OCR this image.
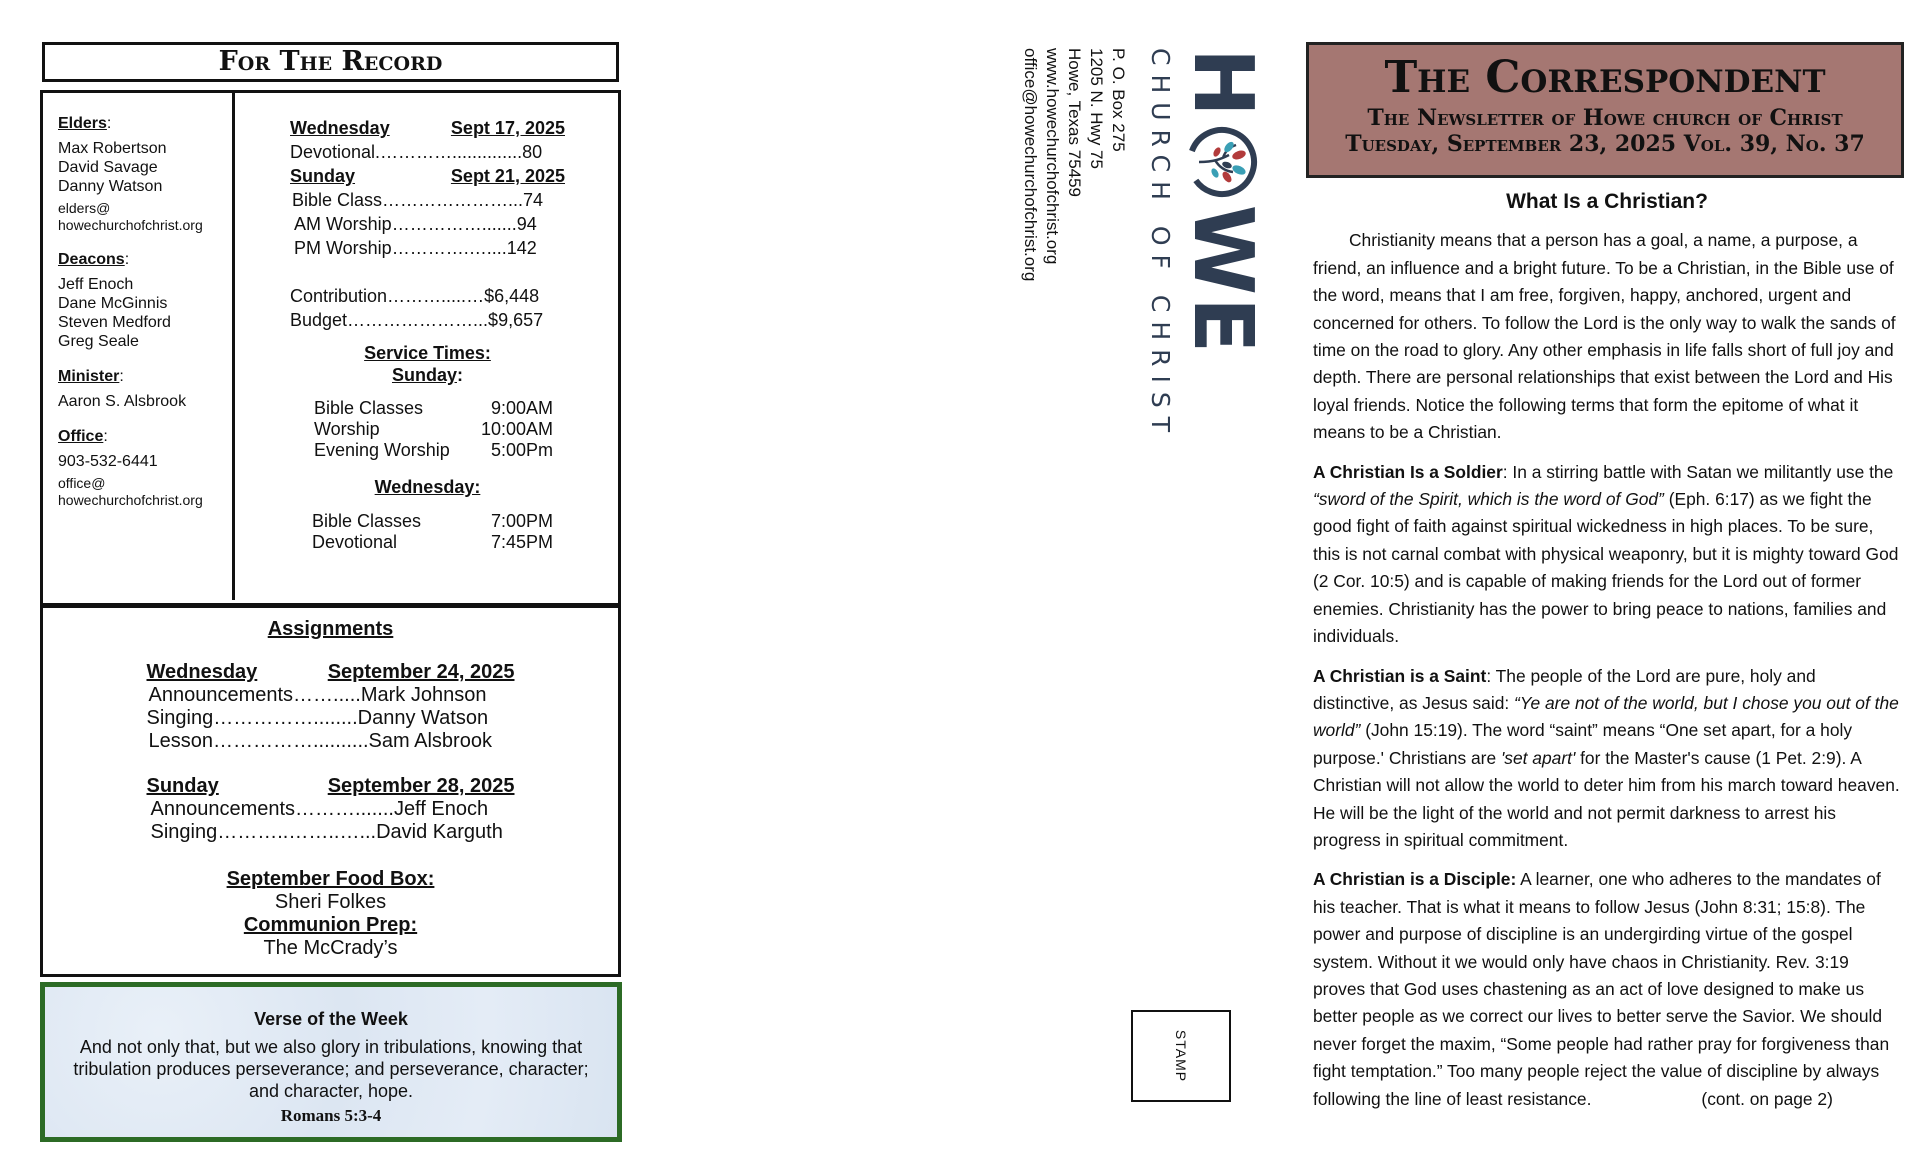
For The Record
Elders:
Max Robertson
David Savage
Danny Watson
elders@
howechurchofchrist.org
Deacons:
Jeff Enoch
Dane McGinnis
Steven Medford
Greg Seale
Minister:
Aaron S. Alsbrook
Office:
903-532-6441
office@
howechurchofchrist.org
Wednesday	Sept 17, 2025
Devotional.…………..............80
Sunday	Sept 21, 2025
Bible Class…………………...74
AM Worship…………….......94
PM Worship………….…....142
Contribution……….....…$6,448
Budget…………………...$9,657
Service Times:
Sunday:
Bible Classes	9:00AM
Worship	10:00AM
Evening Worship 5:00Pm
Wednesday:
Bible Classes	7:00PM
Devotional	7:45PM
Assignments
Wednesday	September 24, 2025
Announcements…….....Mark Johnson
Singing……………........Danny Watson
Lesson……………..........Sam Alsbrook
Sunday	September 28, 2025
Announcements……….......Jeff Enoch
Singing………..……..…...David Karguth
September Food Box:
Sheri Folkes
Communion Prep:
The McCrady’s
Verse of the Week
And not only that, but we also glory in tribulations, knowing that tribulation produces perseverance; and perseverance, character; and character, hope.
Romans 5:3-4
H
WE
CHURCH OF CHRIST
P. O. Box 275
1205 N. Hwy 75
Howe, Texas 75459
www.howechurchofchrist.org
office@howechurchofchrist.org
STAMP
The Correspondent
The Newsletter of Howe church of Christ
Tuesday, September 23, 2025 Vol. 39, No. 37
What Is a Christian?

Christianity means that a person has a goal, a name, a purpose, a friend, an influence and a bright future. To be a Christian, in the Bible use of the word, means that I am free, forgiven, happy, anchored, urgent and concerned for others. To follow the Lord is the only way to walk the sands of time on the road to glory. Any other emphasis in life falls short of full joy and depth. There are personal relationships that exist between the Lord and His loyal friends. Notice the following terms that form the epitome of what it means to be a Christian.

A Christian Is a Soldier: In a stirring battle with Satan we militantly use the “sword of the Spirit, which is the word of God” (Eph. 6:17) as we fight the good fight of faith against spiritual wickedness in high places. To be sure, this is not carnal combat with physical weaponry, but it is mighty toward God (2 Cor. 10:5) and is capable of making friends for the Lord out of former enemies. Christianity has the power to bring peace to nations, families and individuals.

A Christian is a Saint: The people of the Lord are pure, holy and distinctive, as Jesus said: “Ye are not of the world, but I chose you out of the world” (John 15:19). The word “saint” means “One set apart, for a holy purpose.' Christians are 'set apart' for the Master's cause (1 Pet. 2:9). A Christian will not allow the world to deter him from his march toward heaven. He will be the light of the world and not permit darkness to arrest his progress in spiritual commitment.

A Christian is a Disciple: A learner, one who adheres to the mandates of his teacher. That is what it means to follow Jesus (John 8:31; 15:8). The power and purpose of discipline is an undergirding virtue of the gospel system. Without it we would only have chaos in Christianity. Rev. 3:19 proves that God uses chastening as an act of love designed to make us better people as we correct our lives to better serve the Savior. We should never forget the maxim, “Some people had rather pray for forgiveness than fight temptation.” Too many people reject the value of discipline by always following the line of least resistance.	(cont. on page 2)
